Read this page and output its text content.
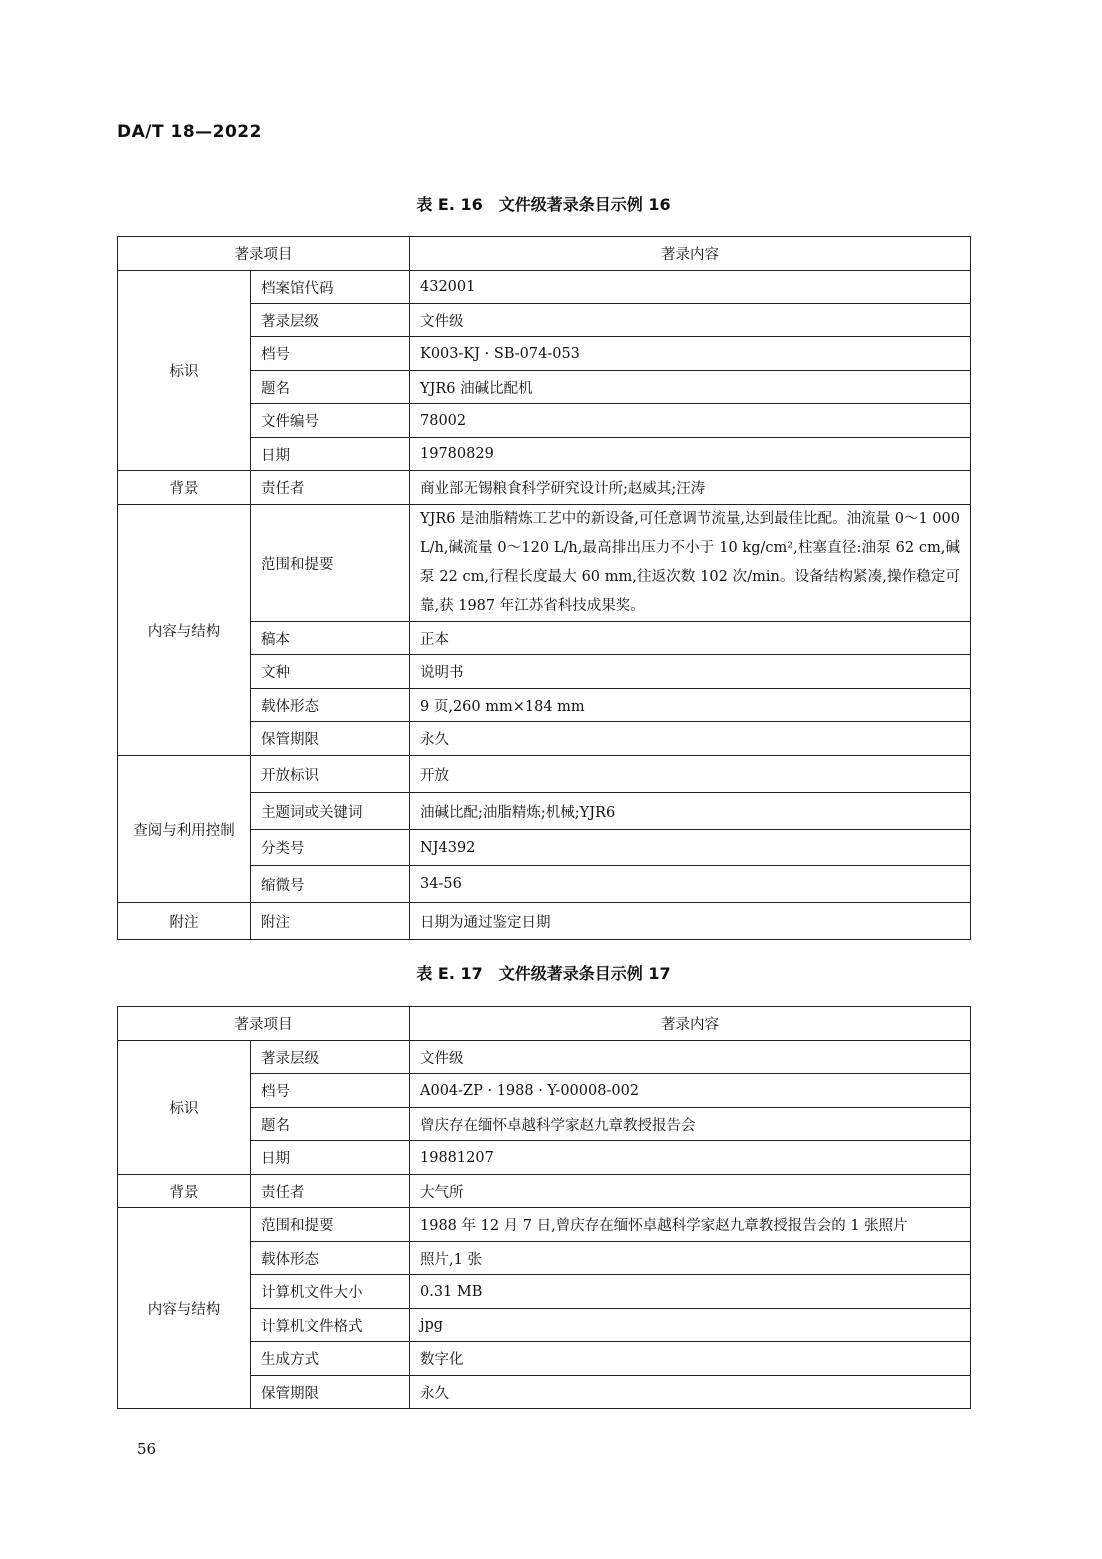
DA/T 18—2022
表 E. 16　文件级著录条目示例 16
著录项目		著录内容
标识	档案馆代码	432001
	著录层级	文件级
	档号	K003-KJ · SB-074-053
	题名	YJR6 油碱比配机
	文件编号	78002
	日期	19780829
背景	责任者	商业部无锡粮食科学研究设计所;赵威其;汪涛
内容与结构	范围和提要	YJR6 是油脂精炼工艺中的新设备,可任意调节流量,达到最佳比配。油流量 0～1 000 L/h,碱流量 0～120 L/h,最高排出压力不小于 10 kg/cm²,柱塞直径:油泵 62 cm,碱泵 22 cm,行程长度最大 60 mm,往返次数 102 次/min。设备结构紧凑,操作稳定可靠,获 1987 年江苏省科技成果奖。
	稿本	正本
	文种	说明书
	载体形态	9 页,260 mm×184 mm
	保管期限	永久
查阅与利用控制	开放标识	开放
	主题词或关键词	油碱比配;油脂精炼;机械;YJR6
	分类号	NJ4392
	缩微号	34-56
附注	附注	日期为通过鉴定日期
表 E. 17　文件级著录条目示例 17
著录项目		著录内容
标识	著录层级	文件级
	档号	A004-ZP · 1988 · Y-00008-002
	题名	曾庆存在缅怀卓越科学家赵九章教授报告会
	日期	19881207
背景	责任者	大气所
内容与结构	范围和提要	1988 年 12 月 7 日,曾庆存在缅怀卓越科学家赵九章教授报告会的 1 张照片
	载体形态	照片,1 张
	计算机文件大小	0.31 MB
	计算机文件格式	jpg
	生成方式	数字化
	保管期限	永久
56
